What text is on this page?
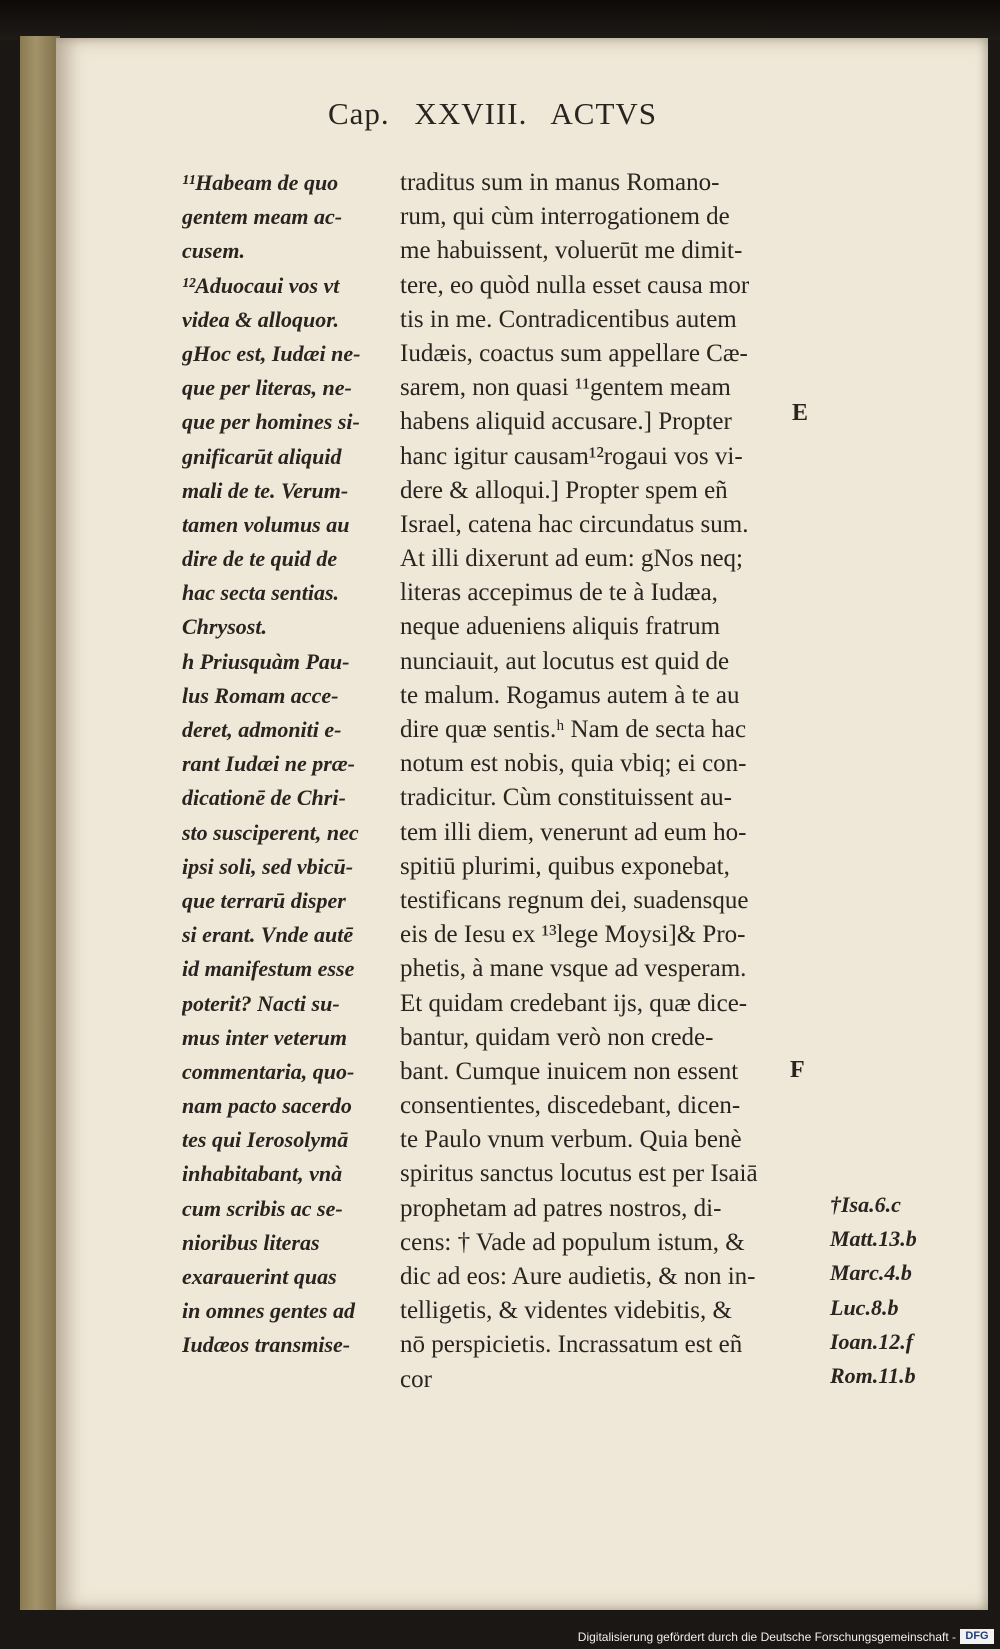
Cap. XXVIII. ACTVS
¹¹Habeam de quo
gentem meam ac-
cusem.
¹²Aduocaui vos vt
videa & alloquor.
gHoc est, Iudæi ne-
que per literas, ne-
que per homines si-
gnificarūt aliquid
mali de te. Verum-
tamen volumus au
dire de te quid de
hac secta sentias.
Chrysost.
h Priusquàm Pau-
lus Romam acce-
deret, admoniti e-
rant Iudæi ne præ-
dicationē de Chri-
sto susciperent, nec
ipsi soli, sed vbicū-
que terrarū disper
si erant. Vnde autē
id manifestum esse
poterit? Nacti su-
mus inter veterum
commentaria, quo-
nam pacto sacerdo
tes qui Ierosolymā
inhabitabant, vnà
cum scribis ac se-
nioribus literas
exarauerint quas
in omnes gentes ad
Iudæos transmise-
traditus sum in manus Romano-
rum, qui cùm interrogationem de
me habuissent, voluerūt me dimit-
tere, eo quòd nulla esset causa mor
tis in me. Contradicentibus autem
Iudæis, coactus sum appellare Cæ-
sarem, non quasi ¹¹gentem meam
habens aliquid accusare.] Propter
hanc igitur causam¹²rogaui vos vi-
dere & alloqui.] Propter spem eñ
Israel, catena hac circundatus sum.
At illi dixerunt ad eum: gNos neq;
literas accepimus de te à Iudæa,
neque adueniens aliquis fratrum
nunciauit, aut locutus est quid de
te malum. Rogamus autem à te au
dire quæ sentis.ʰ Nam de secta hac
notum est nobis, quia vbiq; ei con-
tradicitur. Cùm constituissent au-
tem illi diem, venerunt ad eum ho-
spitiū plurimi, quibus exponebat,
testificans regnum dei, suadensque
eis de Iesu ex ¹³lege Moysi]& Pro-
phetis, à mane vsque ad vesperam.
Et quidam credebant ijs, quæ dice-
bantur, quidam verò non crede-
bant. Cumque inuicem non essent
consentientes, discedebant, dicen-
te Paulo vnum verbum. Quia benè
spiritus sanctus locutus est per Isaiā
prophetam ad patres nostros, di-
cens: † Vade ad populum istum, &
dic ad eos: Aure audietis, & non in-
telligetis, & videntes videbitis, &
nō perspicietis. Incrassatum est eñ
cor
E
F
†Isa.6.c
Matt.13.b
Marc.4.b
Luc.8.b
Ioan.12.f
Rom.11.b
Digitalisierung gefördert durch die Deutsche Forschungsgemeinschaft - DFG
